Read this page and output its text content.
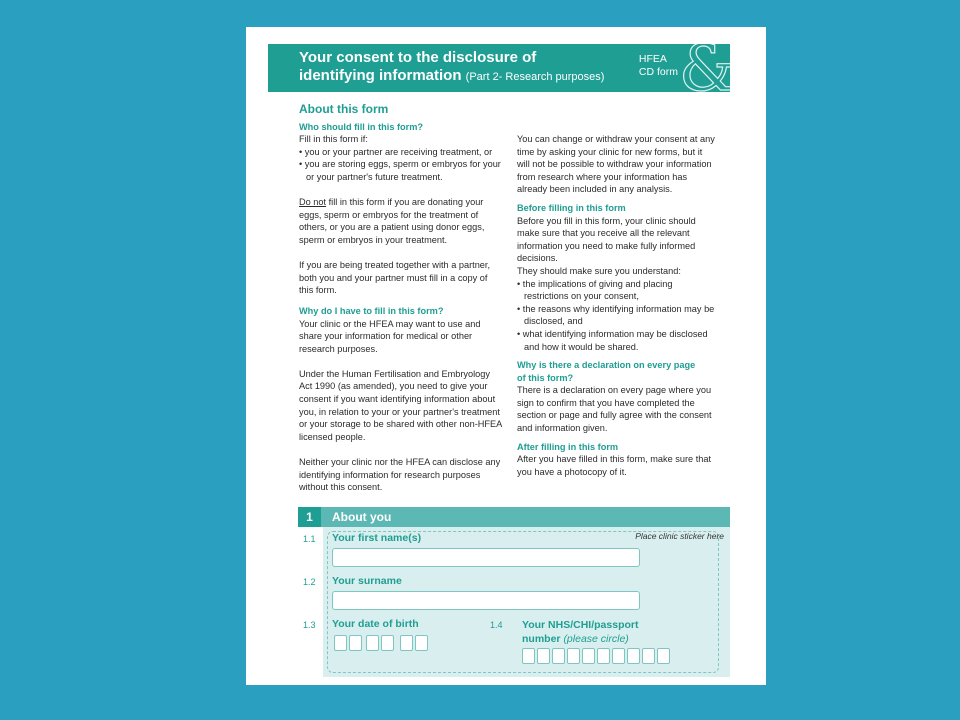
Your consent to the disclosure of
identifying information (Part 2- Research purposes)
HFEA
CD form &
About this form
Who should fill in this form?

Fill in this form if:

• you or your partner are receiving treatment, or

• you are storing eggs, sperm or embryos for your or your partner's future treatment.

Do not fill in this form if you are donating your eggs, sperm or embryos for the treatment of others, or you are a patient using donor eggs, sperm or embryos in your treatment.

If you are being treated together with a partner, both you and your partner must fill in a copy of this form.

Why do I have to fill in this form?

Your clinic or the HFEA may want to use and share your information for medical or other research purposes.

Under the Human Fertilisation and Embryology Act 1990 (as amended), you need to give your consent if you want identifying information about you, in relation to your or your partner's treatment or your storage to be shared with other non-HFEA licensed people.

Neither your clinic nor the HFEA can disclose any identifying information for research purposes without this consent.

You can change or withdraw your consent at any time by asking your clinic for new forms, but it will not be possible to withdraw your information from research where your information has already been included in any analysis.

Before filling in this form

Before you fill in this form, your clinic should make sure that you receive all the relevant information you need to make fully informed decisions.

They should make sure you understand:

• the implications of giving and placing restrictions on your consent,

• the reasons why identifying information may be disclosed, and

• what identifying information may be disclosed and how it would be shared.

Why is there a declaration on every page of this form?

There is a declaration on every page where you sign to confirm that you have completed the section or page and fully agree with the consent and information given.

After filling in this form

After you have filled in this form, make sure that you have a photocopy of it.

1	About you
Place clinic sticker here
1.1 Your first name(s)
1.2 Your surname
1.3 Your date of birth	1.4 Your NHS/CHI/passport number (please circle)
